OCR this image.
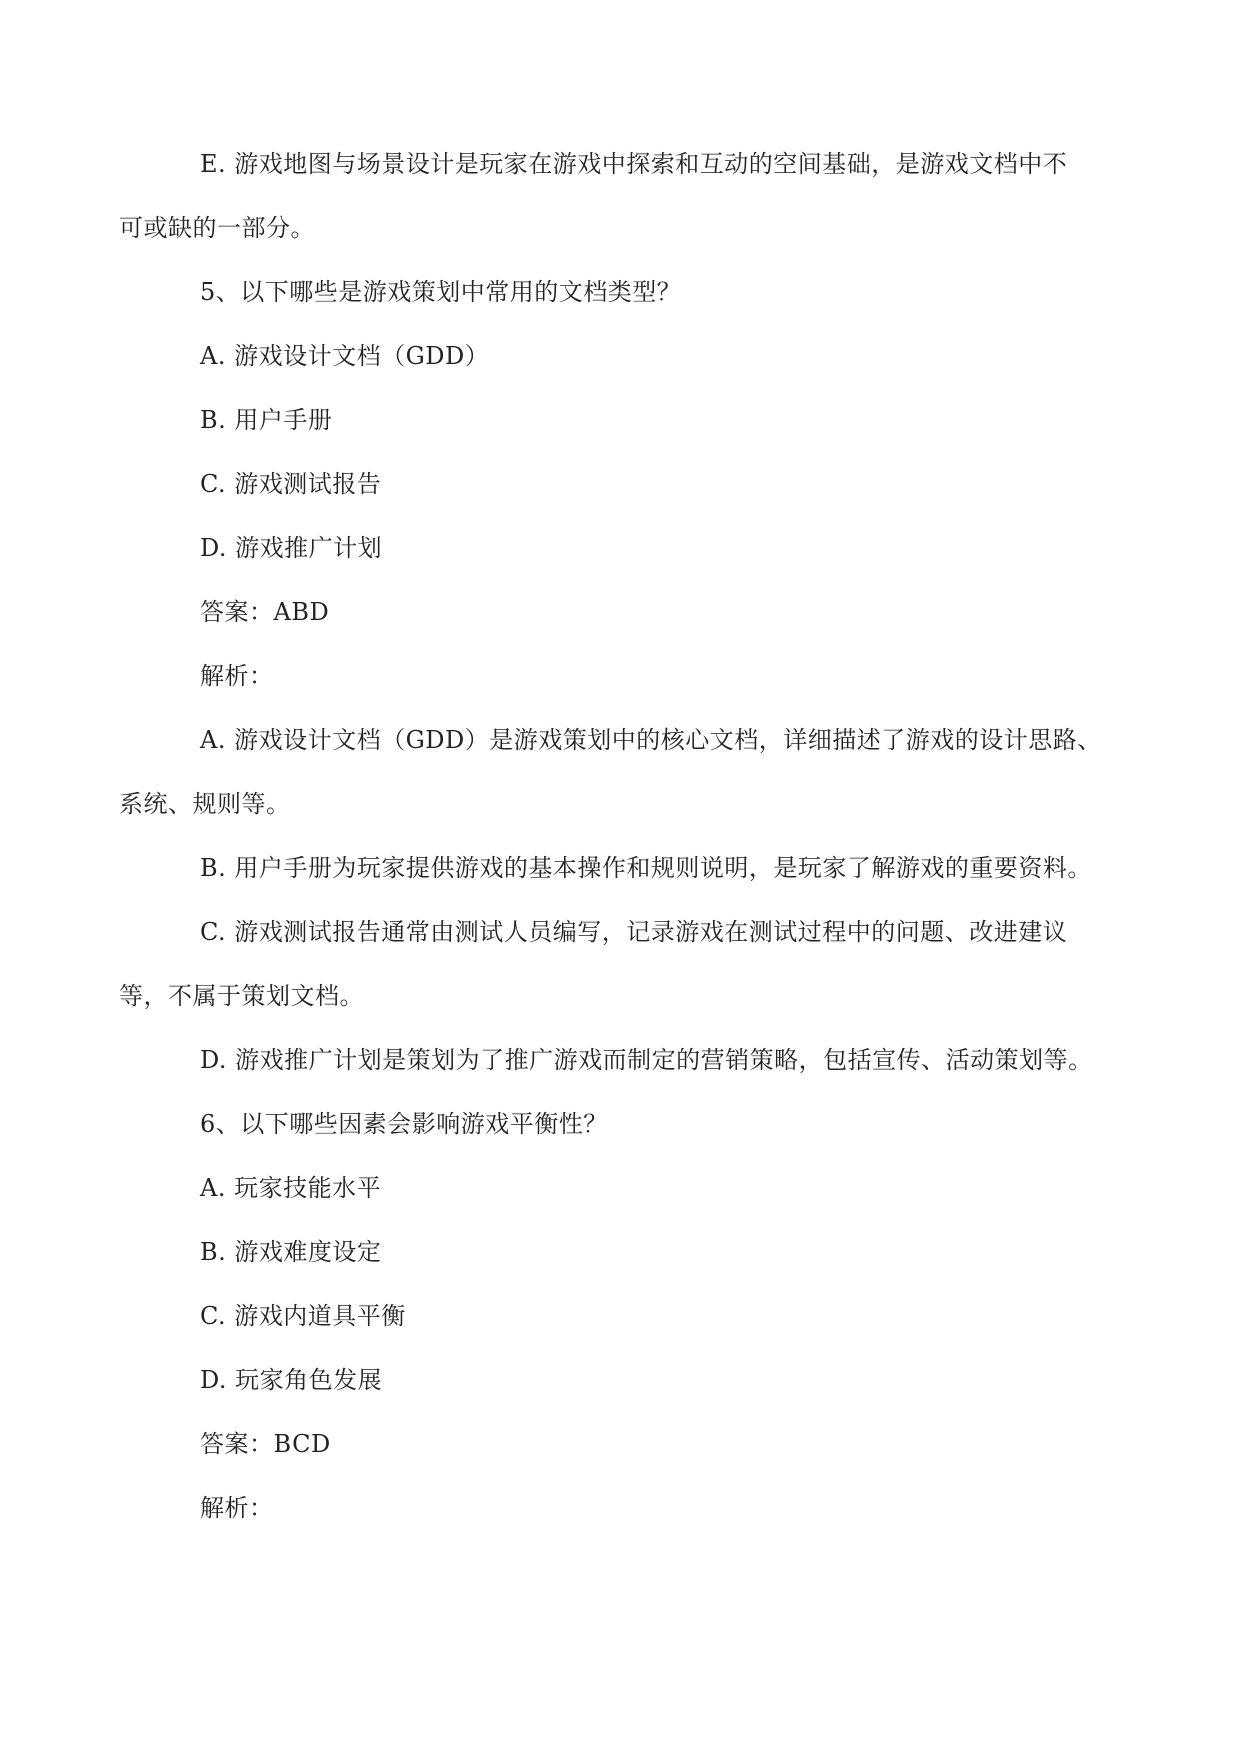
E. 游戏地图与场景设计是玩家在游戏中探索和互动的空间基础，是游戏文档中不
可或缺的一部分。
5、以下哪些是游戏策划中常用的文档类型？
A. 游戏设计文档（GDD）
B. 用户手册
C. 游戏测试报告
D. 游戏推广计划
答案：ABD
解析：
A. 游戏设计文档（GDD）是游戏策划中的核心文档，详细描述了游戏的设计思路、
系统、规则等。
B. 用户手册为玩家提供游戏的基本操作和规则说明，是玩家了解游戏的重要资料。
C. 游戏测试报告通常由测试人员编写，记录游戏在测试过程中的问题、改进建议
等，不属于策划文档。
D. 游戏推广计划是策划为了推广游戏而制定的营销策略，包括宣传、活动策划等。
6、以下哪些因素会影响游戏平衡性？
A. 玩家技能水平
B. 游戏难度设定
C. 游戏内道具平衡
D. 玩家角色发展
答案：BCD
解析：
